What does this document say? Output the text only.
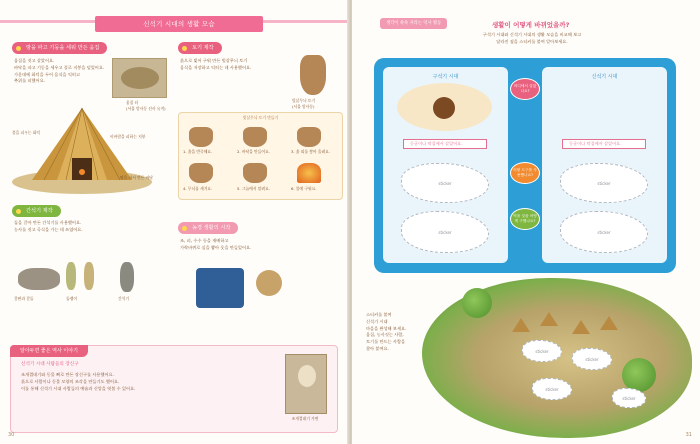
신석기 시대의 생활 모습
땅을 파고 기둥을 세워 만든 움집
움집을 짓고 살았어요.
바닥을 파고 기둥을 세우고 풀로 지붕을 덮었어요.
가운데에 화덕을 두어 음식을 익히고
추위를 피했어요.
움집 터
(서울 암사동 선사 유적)
불을 피우는 화덕
비바람을 피하는 지붕
땅을 파서 만든 바닥
토기 제작
흙으로 빚어 구워 만든 빗살무늬 토기
음식을 저장하고 익히는 데 사용했어요.
빗살무늬 토기
(서울 암사동)
빗살무늬 토기 만들기
1. 흙을 반죽해요.	2. 바닥을 만들어요.	3. 흙 띠를 쌓아 올려요.
4. 무늬를 새겨요.	5. 그늘에서 말려요.	6. 불에 구워요.
간석기 제작
돌을 갈아 만든 간석기를 사용했어요.
농사를 짓고 곡식을 가는 데 쓰였어요.
갈판과 갈돌	돌괭이	간석기
농경 생활의 시작
조, 피, 수수 등을 재배하고
가락바퀴로 실을 뽑아 옷을 만들었어요.
알아두면 좋은 역사 이야기
신석기 시대 사람들의 장신구
조개껍데기와 동물 뼈로 만든 장신구를 사용했어요.
흙으로 사람이나 동물 모양의 조각을 만들기도 했어요.
이를 통해 신석기 시대 사람들의 예술과 신앙을 엿볼 수 있어요.
조개껍데기 가면
30
생각이 쑥쑥 자라는 역사 활동	생활이 어떻게 바뀌었을까?
구석기 시대와 신석기 시대의 생활 모습을 비교해 보고
달라진 점을 스티커를 붙여 알아보세요.
구석기 시대
동굴이나 막집에서 살았어요.
sticker
sticker
어디에서 살았나요?
어떤 도구를 사용했나요?
먹을 것을 어떻게 구했나요?
신석기 시대
동굴이나 막집에서 살았어요.
sticker
sticker
sticker
sticker
sticker
sticker
스티커를 붙여
신석기 시대
마을을 완성해 보세요.
움집, 농사짓는 사람,
토기를 만드는 사람을
찾아 붙여요.
31
